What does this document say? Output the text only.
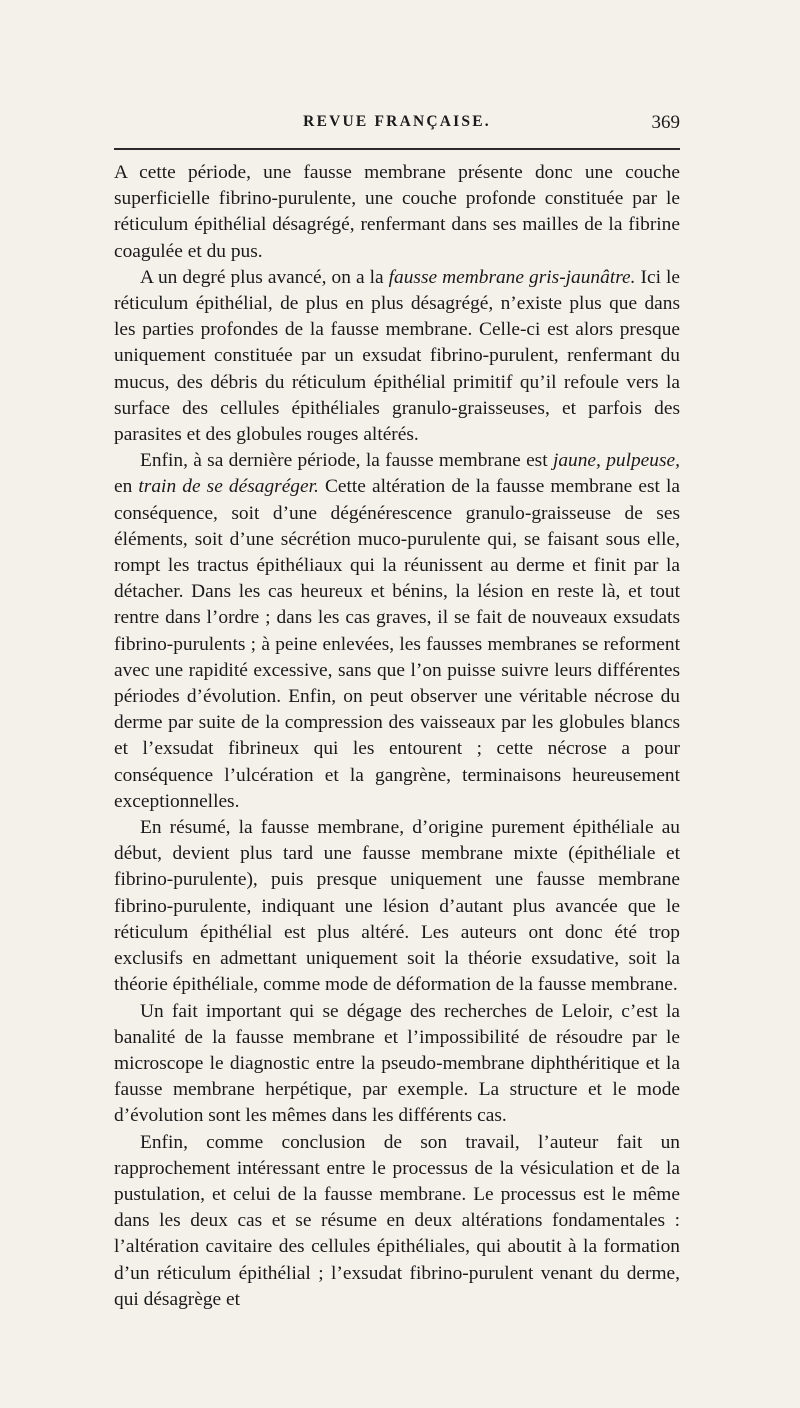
REVUE FRANÇAISE.	369

A cette période, une fausse membrane présente donc une couche superficielle fibrino-purulente, une couche profonde constituée par le réticulum épithélial désagrégé, renfermant dans ses mailles de la fibrine coagulée et du pus.

A un degré plus avancé, on a la fausse membrane gris-jaunâtre. Ici le réticulum épithélial, de plus en plus désagrégé, n’existe plus que dans les parties profondes de la fausse membrane. Celle-ci est alors presque uniquement constituée par un exsudat fibrino-purulent, renfermant du mucus, des débris du réticulum épithélial primitif qu’il refoule vers la surface des cellules épithéliales granulo-graisseuses, et parfois des parasites et des globules rouges altérés.

Enfin, à sa dernière période, la fausse membrane est jaune, pulpeuse, en train de se désagréger. Cette altération de la fausse membrane est la conséquence, soit d’une dégénérescence granulo-graisseuse de ses éléments, soit d’une sécrétion muco-purulente qui, se faisant sous elle, rompt les tractus épithéliaux qui la réunissent au derme et finit par la détacher. Dans les cas heureux et bénins, la lésion en reste là, et tout rentre dans l’ordre ; dans les cas graves, il se fait de nouveaux exsudats fibrino-purulents ; à peine enlevées, les fausses membranes se reforment avec une rapidité excessive, sans que l’on puisse suivre leurs différentes périodes d’évolution. Enfin, on peut observer une véritable nécrose du derme par suite de la compression des vaisseaux par les globules blancs et l’exsudat fibrineux qui les entourent ; cette nécrose a pour conséquence l’ulcération et la gangrène, terminaisons heureusement exceptionnelles.

En résumé, la fausse membrane, d’origine purement épithéliale au début, devient plus tard une fausse membrane mixte (épithéliale et fibrino-purulente), puis presque uniquement une fausse membrane fibrino-purulente, indiquant une lésion d’autant plus avancée que le réticulum épithélial est plus altéré. Les auteurs ont donc été trop exclusifs en admettant uniquement soit la théorie exsudative, soit la théorie épithéliale, comme mode de déformation de la fausse membrane.

Un fait important qui se dégage des recherches de Leloir, c’est la banalité de la fausse membrane et l’impossibilité de résoudre par le microscope le diagnostic entre la pseudo-membrane diphthéritique et la fausse membrane herpétique, par exemple. La structure et le mode d’évolution sont les mêmes dans les différents cas.

Enfin, comme conclusion de son travail, l’auteur fait un rapprochement intéressant entre le processus de la vésiculation et de la pustulation, et celui de la fausse membrane. Le processus est le même dans les deux cas et se résume en deux altérations fondamentales : l’altération cavitaire des cellules épithéliales, qui aboutit à la formation d’un réticulum épithélial ; l’exsudat fibrino-purulent venant du derme, qui désagrège et
